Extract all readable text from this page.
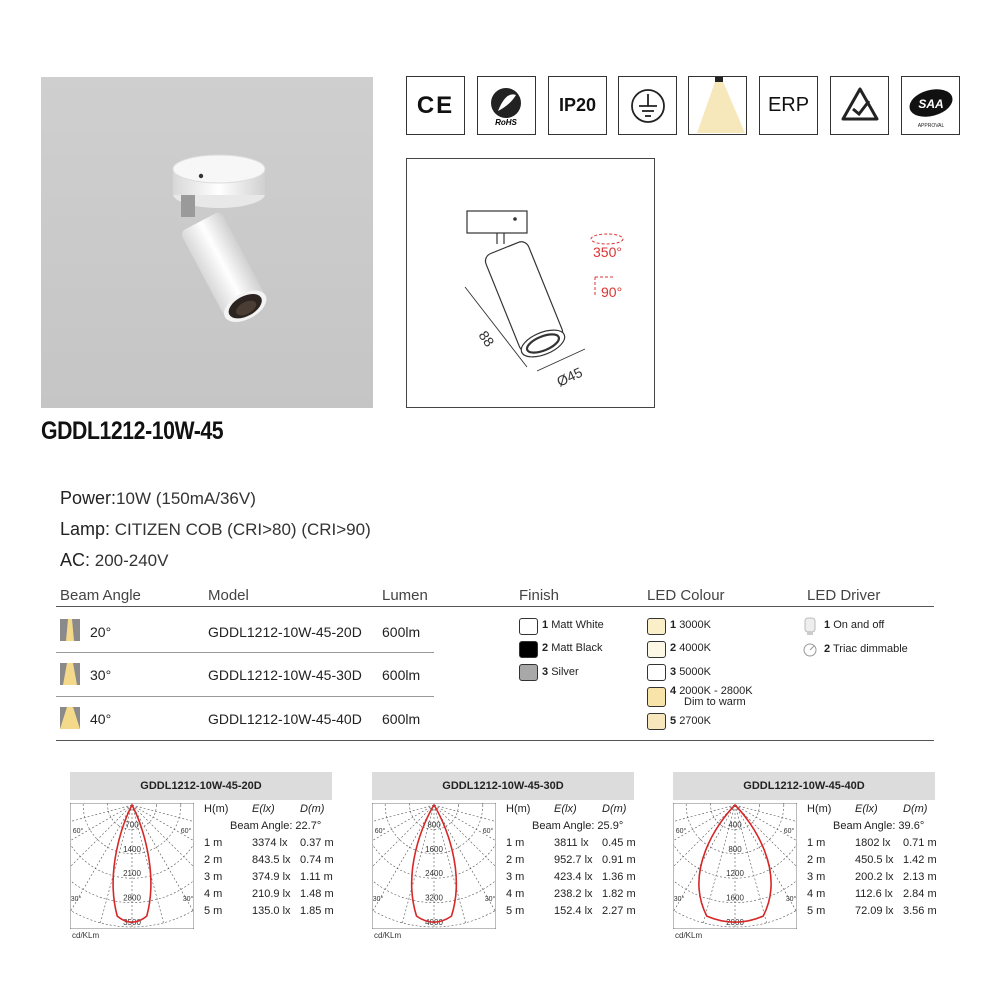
CE
RoHS
IP20	ERP	SAA
APPROVAL
88
Ø45
350°
90°
GDDL1212-10W-45
Power:10W (150mA/36V)
Lamp: CITIZEN COB (CRI>80) (CRI>90)
AC: 200-240V
Beam Angle	Model	Lumen	Finish	LED Colour	LED Driver
20°	GDDL1212-10W-45-20D 600lm
30°	GDDL1212-10W-45-30D 600lm
40°	GDDL1212-10W-45-40D 600lm
1 Matt White
2 Matt Black
3 Silver
1 3000K
2 4000K
3 5000K
4 2000K - 2800K
Dim to warm
5 2700K
1 On and off
2 Triac dimmable
GDDL1212-10W-45-20D
700
1400
2100
2800
3500
60°	60°
30°	30°
H(m) E(lx) D(m)
Beam Angle: 22.7°
1 m	3374 lx 0.37 m
2 m	843.5 lx 0.74 m
3 m	374.9 lx 1.11 m
4 m	210.9 lx 1.48 m
5 m	135.0 lx 1.85 m
cd/KLm
GDDL1212-10W-45-30D
800
1600
2400
3200
4000
60°	60°
30°	30°
H(m) E(lx) D(m)
Beam Angle: 25.9°
1 m	3811 lx 0.45 m
2 m	952.7 lx 0.91 m
3 m	423.4 lx 1.36 m
4 m	238.2 lx 1.82 m
5 m	152.4 lx 2.27 m
cd/KLm
GDDL1212-10W-45-40D
400
800
1200
1600
2000
60°	60°
30°	30°
H(m) E(lx) D(m)
Beam Angle: 39.6°
1 m	1802 lx 0.71 m
2 m	450.5 lx 1.42 m
3 m	200.2 lx 2.13 m
4 m	112.6 lx 2.84 m
5 m	72.09 lx 3.56 m
cd/KLm
